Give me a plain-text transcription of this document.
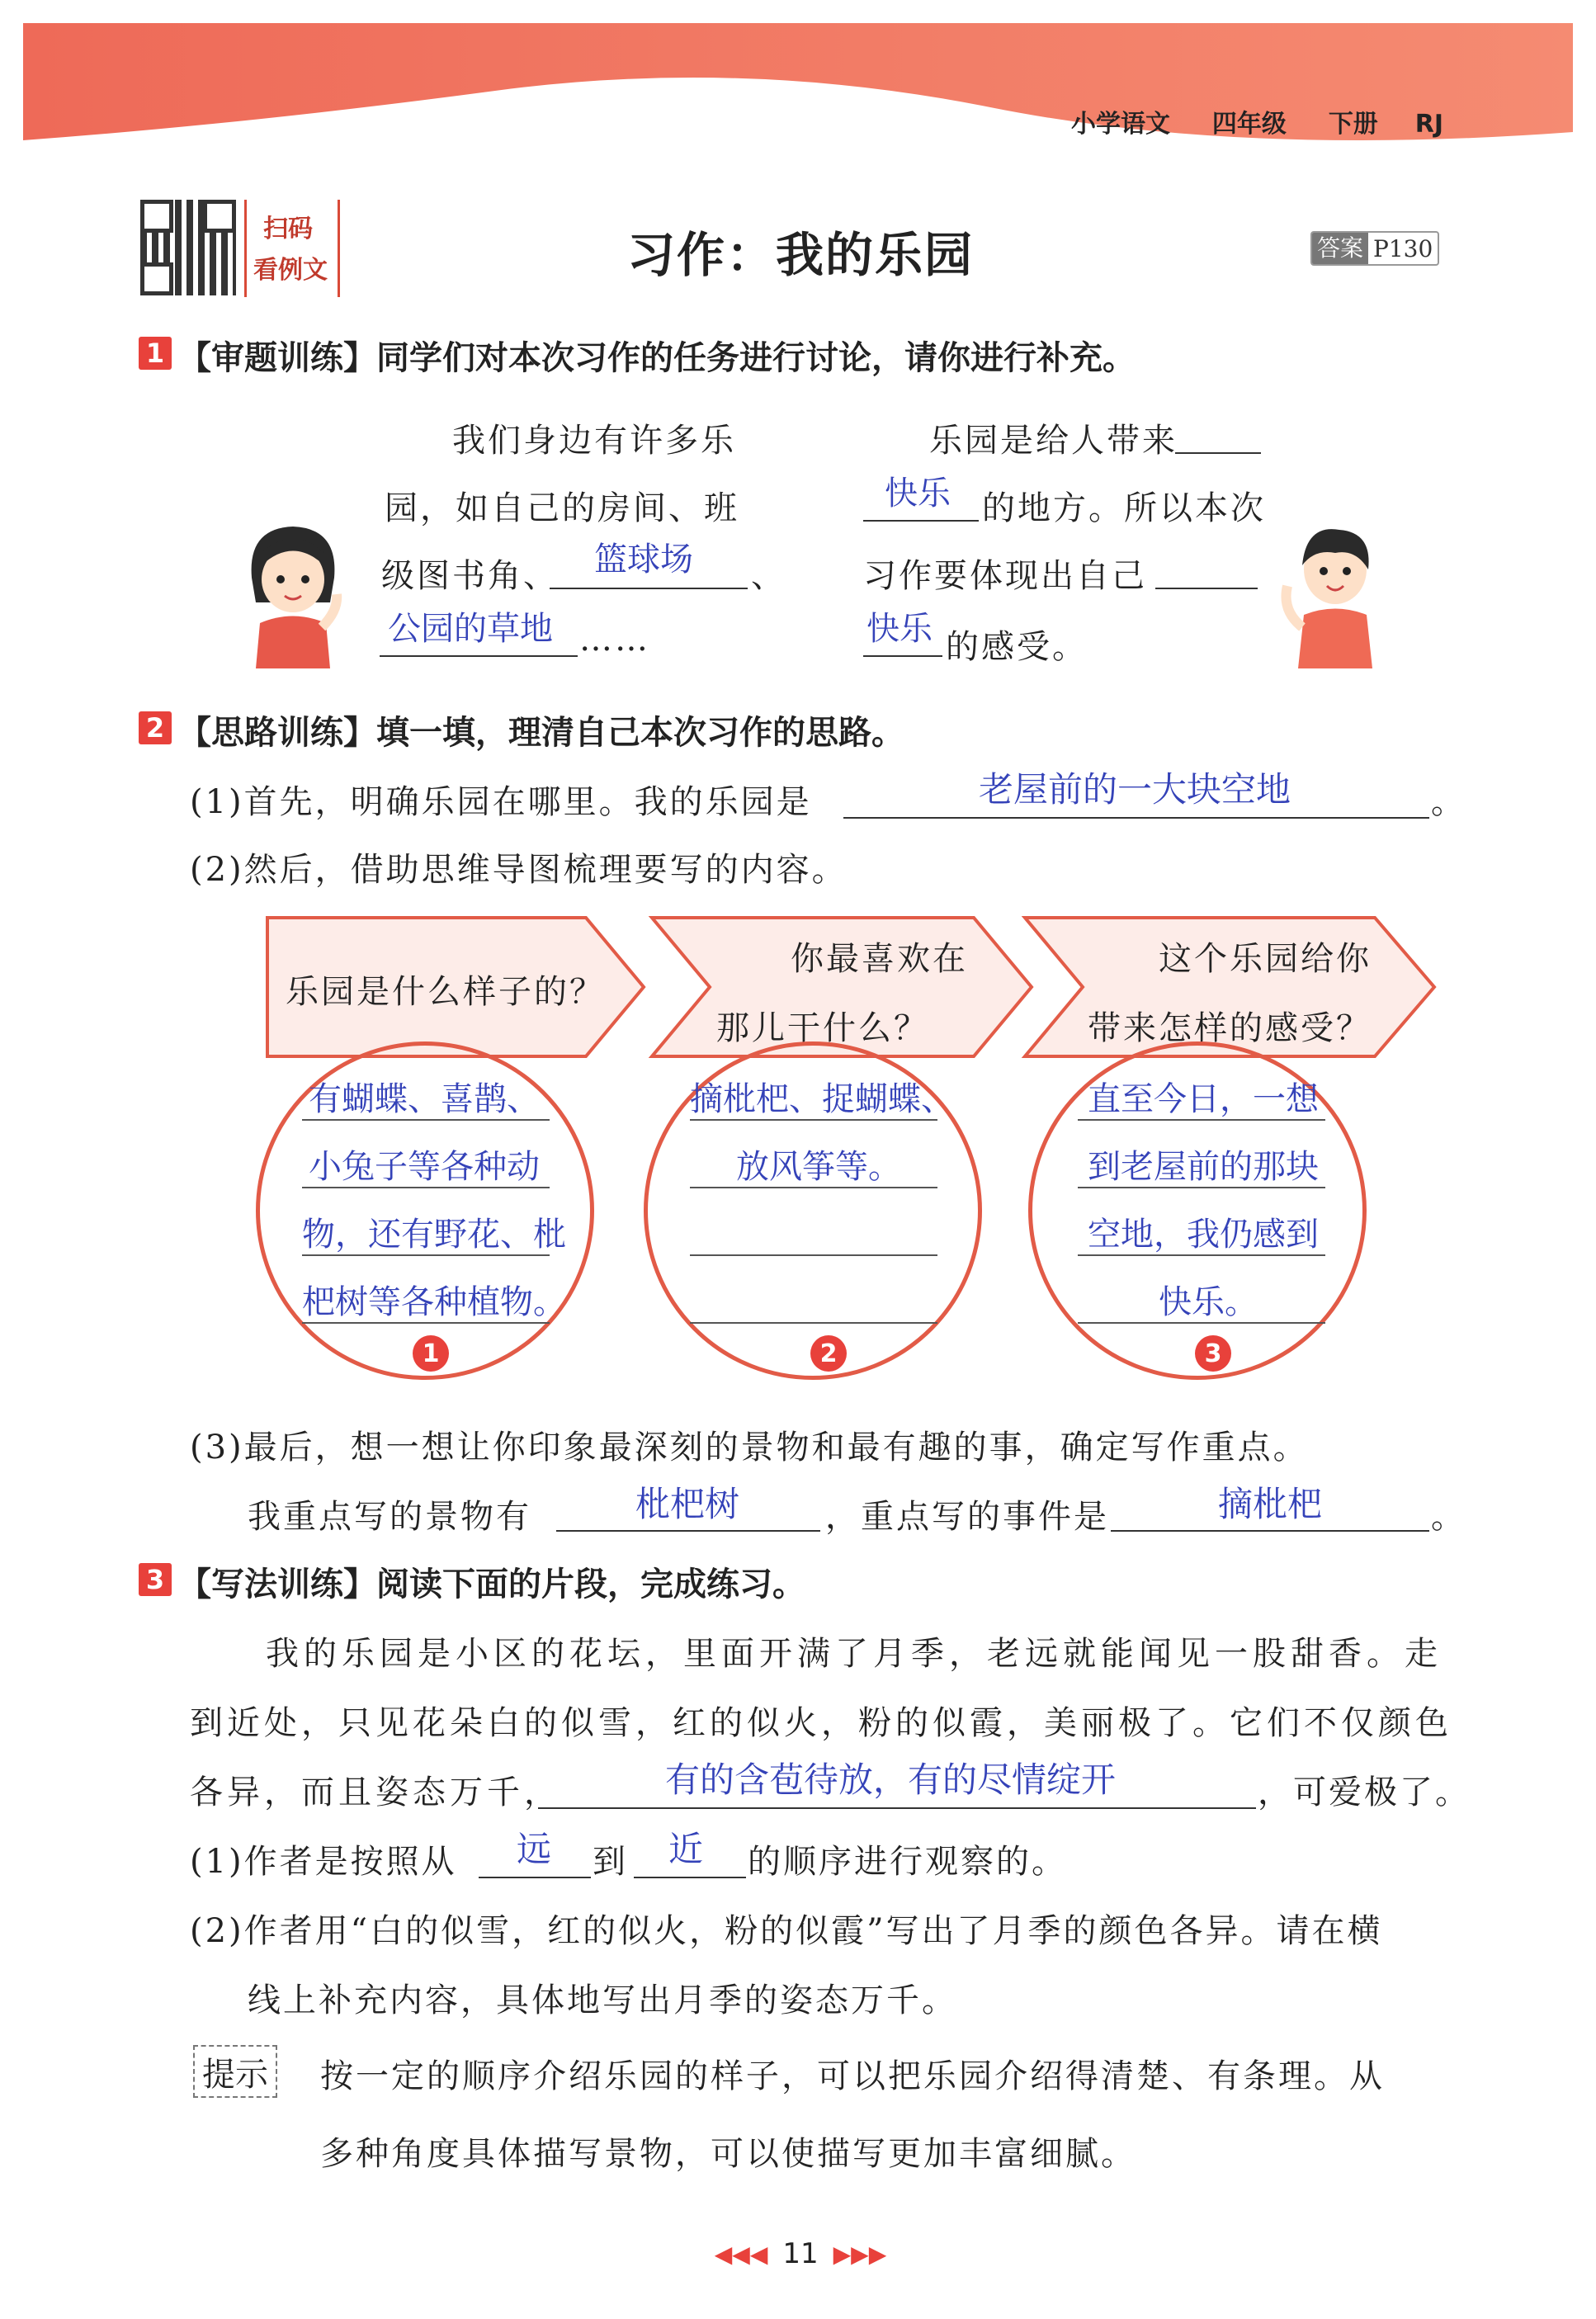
小学语文 四年级 下册 RJ
扫码
看例文	习作：我的乐园	答案 P130
1 【审题训练】同学们对本次习作的任务进行讨论，请你进行补充。
我们身边有许多乐
园，如自己的房间、班
级图书角、 篮球场 、
公园的草地 ……
乐园是给人带来
快乐 的地方。所以本次
习作要体现出自己
快乐 的感受。
2 【思路训练】填一填，理清自己本次习作的思路。
(1)首先，明确乐园在哪里。我的乐园是	老屋前的一大块空地	。
(2)然后，借助思维导图梳理要写的内容。
乐园是什么样子的？
你最喜欢在
那儿干什么？
这个乐园给你
带来怎样的感受？
有蝴蝶、喜鹊、
小兔子等各种动
物，还有野花、枇
杷树等各种植物。
1
摘枇杷、捉蝴蝶、
放风筝等。
2
直至今日，一想
到老屋前的那块
空地，我仍感到
快乐。
3
(3)最后，想一想让你印象最深刻的景物和最有趣的事，确定写作重点。
我重点写的景物有	枇杷树	，重点写的事件是	摘枇杷	。
3 【写法训练】阅读下面的片段，完成练习。
我的乐园是小区的花坛，里面开满了月季，老远就能闻见一股甜香。走
到近处，只见花朵白的似雪，红的似火，粉的似霞，美丽极了。它们不仅颜色
各异，而且姿态万千，	有的含苞待放，有的尽情绽开	，可爱极了。
(1)作者是按照从 远 到 近 的顺序进行观察的。
(2)作者用“白的似雪，红的似火，粉的似霞”写出了月季的颜色各异。请在横
线上补充内容，具体地写出月季的姿态万千。
提示 按一定的顺序介绍乐园的样子，可以把乐园介绍得清楚、有条理。从
多种角度具体描写景物，可以使描写更加丰富细腻。
◀◀◀ 11 ▶▶▶
